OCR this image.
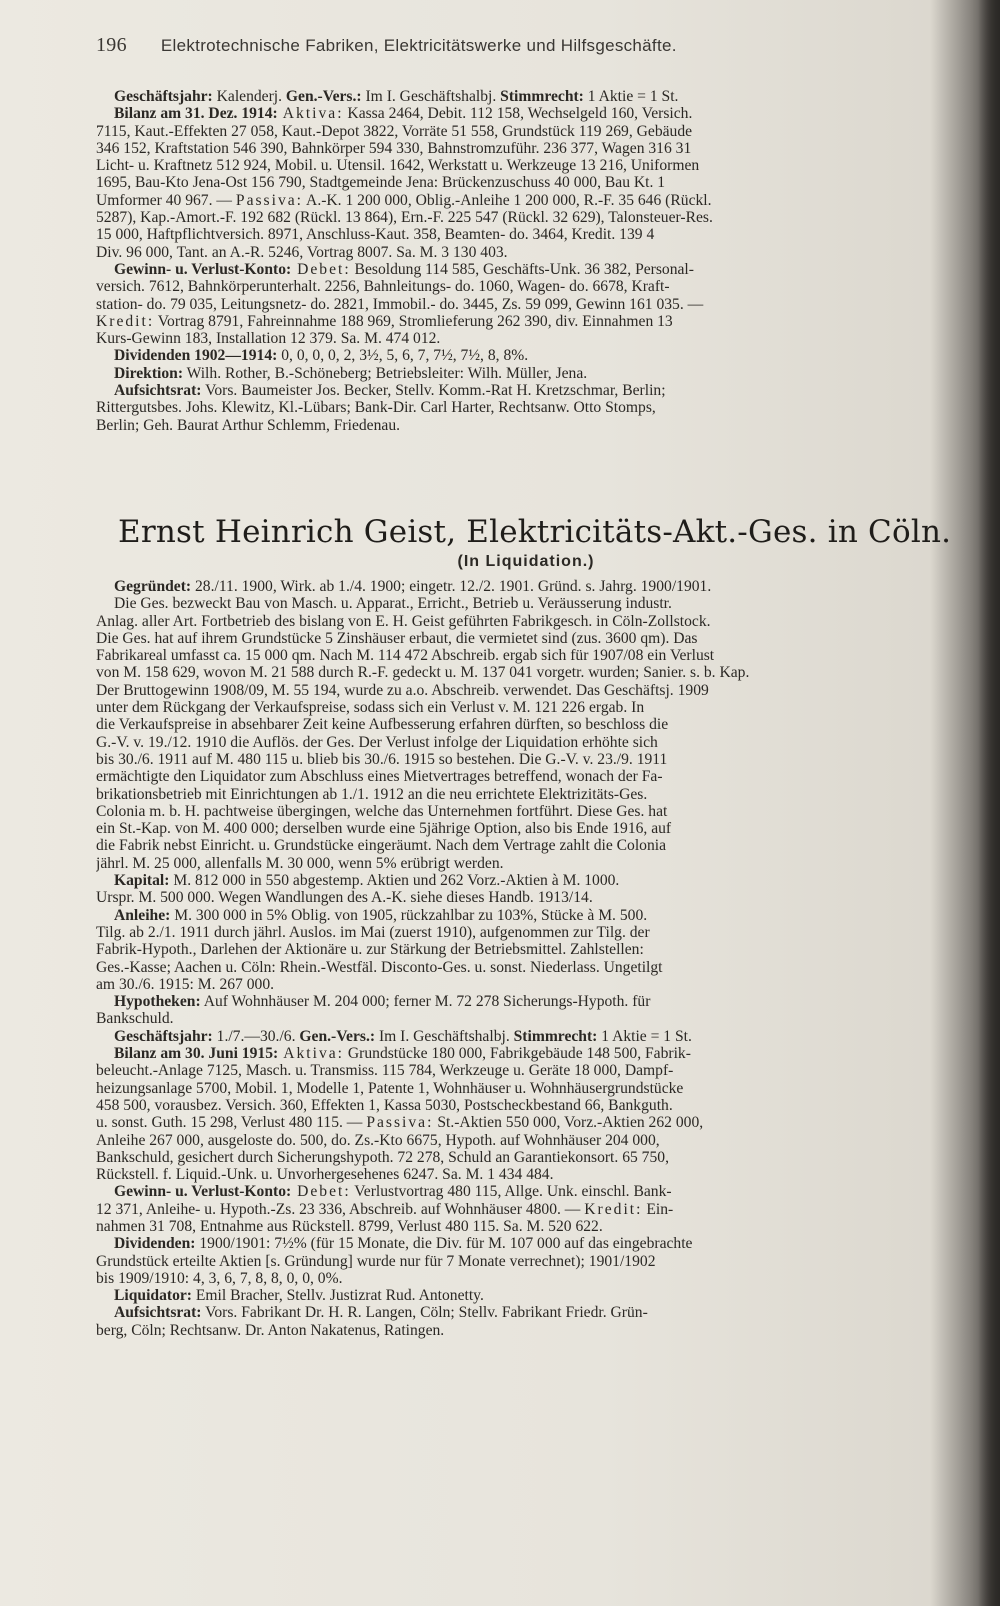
196 Elektrotechnische Fabriken, Elektricitätswerke und Hilfsgeschäfte.
Geschäftsjahr: Kalenderj. Gen.-Vers.: Im I. Geschäftshalbj. Stimmrecht: 1 Aktie = 1 St.
Bilanz am 31. Dez. 1914: Aktiva: Kassa 2464, Debit. 112 158, Wechselgeld 160, Versich.
7115, Kaut.-Effekten 27 058, Kaut.-Depot 3822, Vorräte 51 558, Grundstück 119 269, Gebäude
346 152, Kraftstation 546 390, Bahnkörper 594 330, Bahnstromzuführ. 236 377, Wagen 316 31
Licht- u. Kraftnetz 512 924, Mobil. u. Utensil. 1642, Werkstatt u. Werkzeuge 13 216, Uniformen
1695, Bau-Kto Jena-Ost 156 790, Stadtgemeinde Jena: Brückenzuschuss 40 000, Bau Kt. 1
Umformer 40 967. — Passiva: A.-K. 1 200 000, Oblig.-Anleihe 1 200 000, R.-F. 35 646 (Rückl.
5287), Kap.-Amort.-F. 192 682 (Rückl. 13 864), Ern.-F. 225 547 (Rückl. 32 629), Talonsteuer-Res.
15 000, Haftpflichtversich. 8971, Anschluss-Kaut. 358, Beamten- do. 3464, Kredit. 139 4
Div. 96 000, Tant. an A.-R. 5246, Vortrag 8007. Sa. M. 3 130 403.
Gewinn- u. Verlust-Konto: Debet: Besoldung 114 585, Geschäfts-Unk. 36 382, Personal-
versich. 7612, Bahnkörperunterhalt. 2256, Bahnleitungs- do. 1060, Wagen- do. 6678, Kraft-
station- do. 79 035, Leitungsnetz- do. 2821, Immobil.- do. 3445, Zs. 59 099, Gewinn 161 035. —
Kredit: Vortrag 8791, Fahreinnahme 188 969, Stromlieferung 262 390, div. Einnahmen 13
Kurs-Gewinn 183, Installation 12 379. Sa. M. 474 012.
Dividenden 1902—1914: 0, 0, 0, 0, 2, 3½, 5, 6, 7, 7½, 7½, 8, 8%.
Direktion: Wilh. Rother, B.-Schöneberg; Betriebsleiter: Wilh. Müller, Jena.
Aufsichtsrat: Vors. Baumeister Jos. Becker, Stellv. Komm.-Rat H. Kretzschmar, Berlin;
Rittergutsbes. Johs. Klewitz, Kl.-Lübars; Bank-Dir. Carl Harter, Rechtsanw. Otto Stomps,
Berlin; Geh. Baurat Arthur Schlemm, Friedenau.
Ernst Heinrich Geist, Elektricitäts-Akt.-Ges. in Cöln.
(In Liquidation.)
Gegründet: 28./11. 1900, Wirk. ab 1./4. 1900; eingetr. 12./2. 1901. Gründ. s. Jahrg. 1900/1901.
Die Ges. bezweckt Bau von Masch. u. Apparat., Erricht., Betrieb u. Veräusserung industr.
Anlag. aller Art. Fortbetrieb des bislang von E. H. Geist geführten Fabrikgesch. in Cöln-Zollstock.
Die Ges. hat auf ihrem Grundstücke 5 Zinshäuser erbaut, die vermietet sind (zus. 3600 qm). Das
Fabrikareal umfasst ca. 15 000 qm. Nach M. 114 472 Abschreib. ergab sich für 1907/08 ein Verlust
von M. 158 629, wovon M. 21 588 durch R.-F. gedeckt u. M. 137 041 vorgetr. wurden; Sanier. s. b. Kap.
Der Bruttogewinn 1908/09, M. 55 194, wurde zu a.o. Abschreib. verwendet. Das Geschäftsj. 1909
unter dem Rückgang der Verkaufspreise, sodass sich ein Verlust v. M. 121 226 ergab. In
die Verkaufspreise in absehbarer Zeit keine Aufbesserung erfahren dürften, so beschloss die
G.-V. v. 19./12. 1910 die Auflös. der Ges. Der Verlust infolge der Liquidation erhöhte sich
bis 30./6. 1911 auf M. 480 115 u. blieb bis 30./6. 1915 so bestehen. Die G.-V. v. 23./9. 1911
ermächtigte den Liquidator zum Abschluss eines Mietvertrages betreffend, wonach der Fa-
brikationsbetrieb mit Einrichtungen ab 1./1. 1912 an die neu errichtete Elektrizitäts-Ges.
Colonia m. b. H. pachtweise übergingen, welche das Unternehmen fortführt. Diese Ges. hat
ein St.-Kap. von M. 400 000; derselben wurde eine 5jährige Option, also bis Ende 1916, auf
die Fabrik nebst Einricht. u. Grundstücke eingeräumt. Nach dem Vertrage zahlt die Colonia
jährl. M. 25 000, allenfalls M. 30 000, wenn 5% erübrigt werden.
Kapital: M. 812 000 in 550 abgestemp. Aktien und 262 Vorz.-Aktien à M. 1000.
Urspr. M. 500 000. Wegen Wandlungen des A.-K. siehe dieses Handb. 1913/14.
Anleihe: M. 300 000 in 5% Oblig. von 1905, rückzahlbar zu 103%, Stücke à M. 500.
Tilg. ab 2./1. 1911 durch jährl. Auslos. im Mai (zuerst 1910), aufgenommen zur Tilg. der
Fabrik-Hypoth., Darlehen der Aktionäre u. zur Stärkung der Betriebsmittel. Zahlstellen:
Ges.-Kasse; Aachen u. Cöln: Rhein.-Westfäl. Disconto-Ges. u. sonst. Niederlass. Ungetilgt
am 30./6. 1915: M. 267 000.
Hypotheken: Auf Wohnhäuser M. 204 000; ferner M. 72 278 Sicherungs-Hypoth. für
Bankschuld.
Geschäftsjahr: 1./7.—30./6. Gen.-Vers.: Im I. Geschäftshalbj. Stimmrecht: 1 Aktie = 1 St.
Bilanz am 30. Juni 1915: Aktiva: Grundstücke 180 000, Fabrikgebäude 148 500, Fabrik-
beleucht.-Anlage 7125, Masch. u. Transmiss. 115 784, Werkzeuge u. Geräte 18 000, Dampf-
heizungsanlage 5700, Mobil. 1, Modelle 1, Patente 1, Wohnhäuser u. Wohnhäusergrundstücke
458 500, vorausbez. Versich. 360, Effekten 1, Kassa 5030, Postscheckbestand 66, Bankguth.
u. sonst. Guth. 15 298, Verlust 480 115. — Passiva: St.-Aktien 550 000, Vorz.-Aktien 262 000,
Anleihe 267 000, ausgeloste do. 500, do. Zs.-Kto 6675, Hypoth. auf Wohnhäuser 204 000,
Bankschuld, gesichert durch Sicherungshypoth. 72 278, Schuld an Garantiekonsort. 65 750,
Rückstell. f. Liquid.-Unk. u. Unvorhergesehenes 6247. Sa. M. 1 434 484.
Gewinn- u. Verlust-Konto: Debet: Verlustvortrag 480 115, Allge. Unk. einschl. Bank-
12 371, Anleihe- u. Hypoth.-Zs. 23 336, Abschreib. auf Wohnhäuser 4800. — Kredit: Ein-
nahmen 31 708, Entnahme aus Rückstell. 8799, Verlust 480 115. Sa. M. 520 622.
Dividenden: 1900/1901: 7½% (für 15 Monate, die Div. für M. 107 000 auf das eingebrachte
Grundstück erteilte Aktien [s. Gründung] wurde nur für 7 Monate verrechnet); 1901/1902
bis 1909/1910: 4, 3, 6, 7, 8, 8, 0, 0, 0%.
Liquidator: Emil Bracher, Stellv. Justizrat Rud. Antonetty.
Aufsichtsrat: Vors. Fabrikant Dr. H. R. Langen, Cöln; Stellv. Fabrikant Friedr. Grün-
berg, Cöln; Rechtsanw. Dr. Anton Nakatenus, Ratingen.
